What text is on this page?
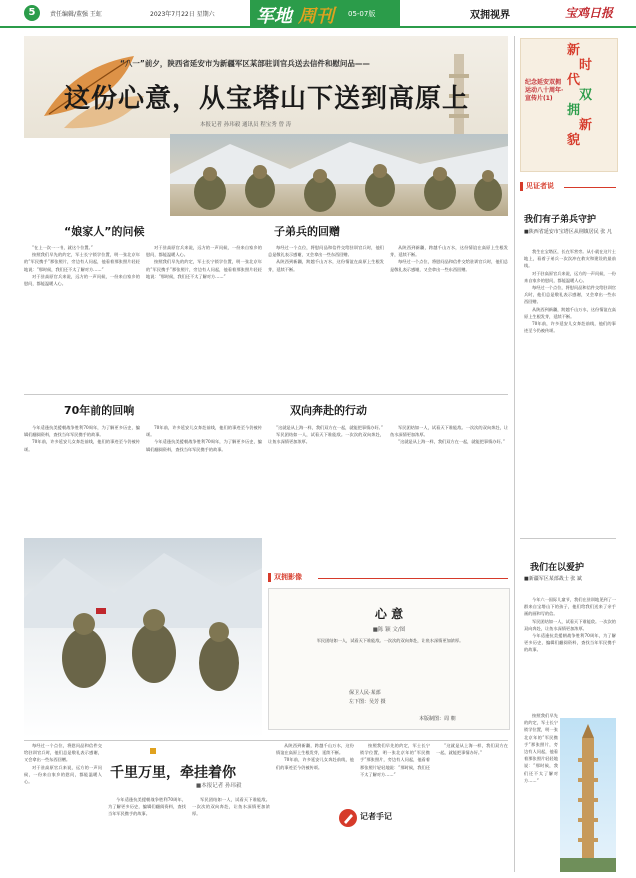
5	责任编辑/董强 王虹	2023年7月22日 星期六 军地 周刊 05-07版	双拥视界	宝鸡日报
“八一”前夕，陕西省延安市为新疆军区某部驻训官兵送去信件和慰问品——
这份心意，从宝塔山下送到高原上
本报记者 孙玮毅 通讯员 程宝秀 曾 涛
“娘家人”的问候	子弟兵的回赠

“在上一次一一书，就这个位置。”

按照我们早先的约定，军士长宁锁学位置，明一张北京年的“军民携手”那张照片，旁边有人问起，他看着那张照片轻轻地说：“那时候，我们还不太了解对方……”

对于驻高原官兵来说，远方的一声问候，一份来自家乡的慰问，都能温暖人心。

对于驻高原官兵来说，远方的一声问候，一份来自家乡的慰问，都能温暖人心。

按照我们早先的约定，军士长宁锁学位置，明一张北京年的“军民携手”那张照片，旁边有人问起，他看着那张照片轻轻地说：“那时候，我们还不太了解对方……”

每经过一个点位，将慰问品和信件交给驻训官兵时，他们总是敬礼表示感谢，又会拿出一些东西回赠。

从陕西到新疆，跨越千山万水，这份情谊在高原上生根发芽，延续不断。

从陕西到新疆，跨越千山万水，这份情谊在高原上生根发芽，延续不断。

每经过一个点位，将慰问品和信件交给驻训官兵时，他们总是敬礼表示感谢，又会拿出一些东西回赠。

70年前的回响	双向奔赴的行动

今年适逢抗美援朝战争胜利70周年，为了解更多历史，编辑们翻阅资料，查找当年军民携手的故事。

70年前，许多延安儿女奔赴前线，他们的事迹至今仍被传颂。

70年前，许多延安儿女奔赴前线，他们的事迹至今仍被传颂。

今年适逢抗美援朝战争胜利70周年，为了解更多历史，编辑们翻阅资料，查找当年军民携手的故事。

“这就是从上海一样，我们双方在一起，就能把事情办好。”

军民团结如一人，试看天下谁能敌。一次次的双向奔赴，让鱼水深情更加浓厚。

军民团结如一人，试看天下谁能敌。一次次的双向奔赴，让鱼水深情更加浓厚。

“这就是从上海一样，我们双方在一起，就能把事情办好。”

双拥影像
心 意
■陈 颖 文/图

军民团结如一人，试看天下谁能敌。一次次的双向奔赴，让鱼水深情更加浓厚。

保卫人民·某部
左下图：吴芳 摄
本版制图：周 朝
千里万里，牵挂着你
■本报记者 孙玮毅

每经过一个点位，将慰问品和信件交给驻训官兵时，他们总是敬礼表示感谢，又会拿出一些东西回赠。

对于驻高原官兵来说，远方的一声问候，一份来自家乡的慰问，都能温暖人心。

今年适逢抗美援朝战争胜利70周年，为了解更多历史，编辑们翻阅资料，查找当年军民携手的故事。

军民团结如一人，试看天下谁能敌。一次次的双向奔赴，让鱼水深情更加浓厚。

从陕西到新疆，跨越千山万水，这份情谊在高原上生根发芽，延续不断。

70年前，许多延安儿女奔赴前线，他们的事迹至今仍被传颂。

按照我们早先的约定，军士长宁锁学位置，明一张北京年的“军民携手”那张照片，旁边有人问起，他看着那张照片轻轻地说：“那时候，我们还不太了解对方……”

“这就是从上海一样，我们双方在一起，就能把事情办好。”

记者手记
新
时
代
双
拥
新
貌
纪念延安双拥运动八十周年·宣传片(1)
见证者说
我们有子弟兵守护
■陕西省延安市宝塔区从荆镇居民 张 凡

我生在宝塔区，长在军营旁。从小就在这片土地上，看着子弟兵一次次冲在救灾和建设的最前线。

对于驻高原官兵来说，远方的一声问候，一份来自家乡的慰问，都能温暖人心。

每经过一个点位，将慰问品和信件交给驻训官兵时，他们总是敬礼表示感谢，又会拿出一些东西回赠。

从陕西到新疆，跨越千山万水，这份情谊在高原上生根发芽，延续不断。

70年前，许多延安儿女奔赴前线，他们的事迹至今仍被传颂。

我们在以爱护
■新疆军区某部战士 张 斌

今年六一国际儿童节，我们在驻训地见到了一群来自宝塔山下的孩子，他们给我们送来了亲手画的画和写的信。

军民团结如一人，试看天下谁能敌。一次次的双向奔赴，让鱼水深情更加浓厚。

今年适逢抗美援朝战争胜利70周年，为了解更多历史，编辑们翻阅资料，查找当年军民携手的故事。

按照我们早先的约定，军士长宁锁学位置，明一张北京年的“军民携手”那张照片，旁边有人问起，他看着那张照片轻轻地说：“那时候，我们还不太了解对方……”
